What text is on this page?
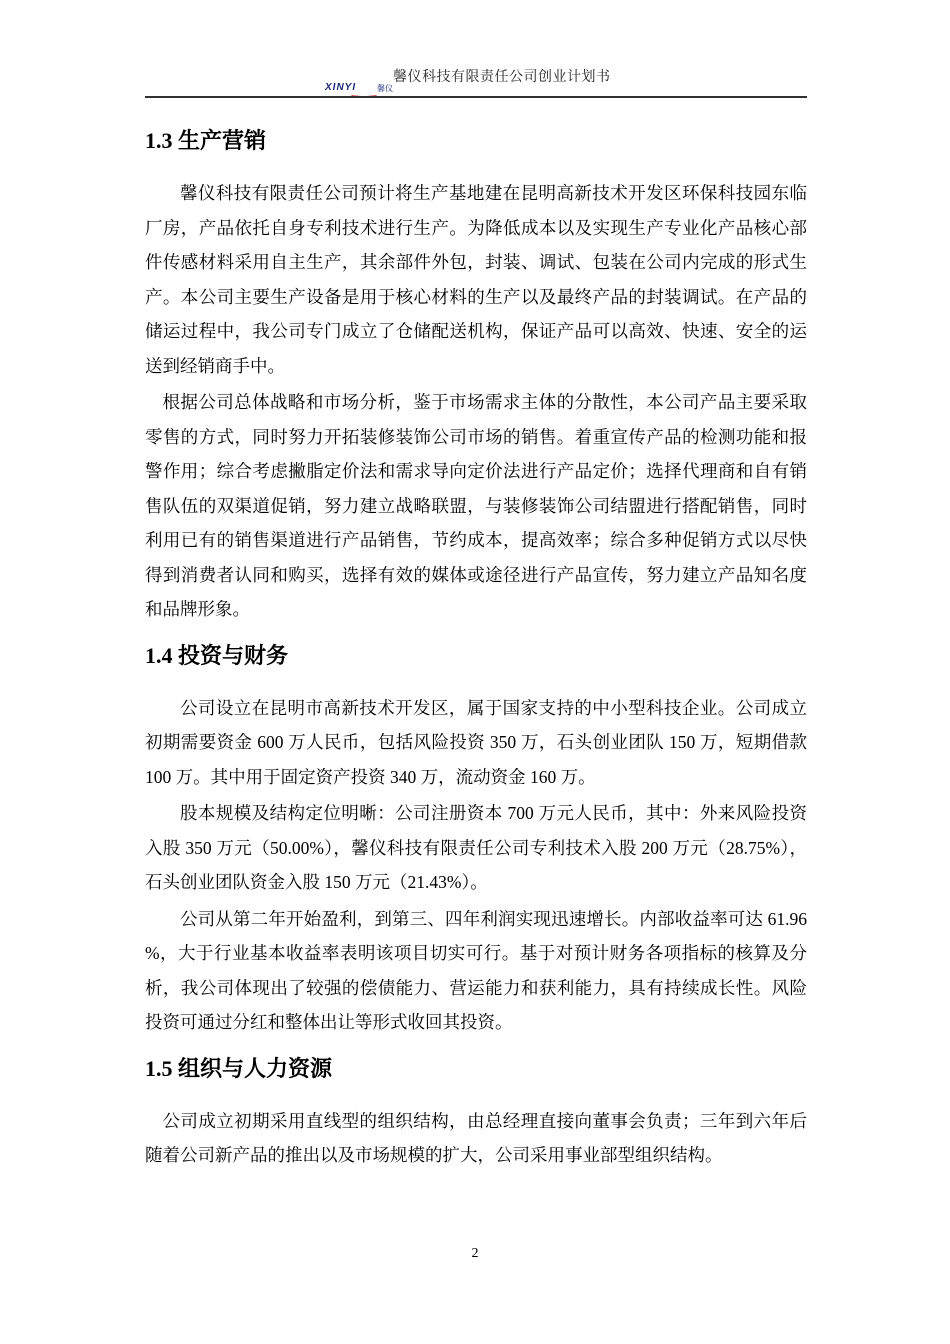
XINYI	馨仪
馨仪科技有限责任公司创业计划书
1.3 生产营销

馨仪科技有限责任公司预计将生产基地建在昆明高新技术开发区环保科技园东临厂房，产品依托自身专利技术进行生产。为降低成本以及实现生产专业化产品核心部件传感材料采用自主生产，其余部件外包，封装、调试、包装在公司内完成的形式生产。本公司主要生产设备是用于核心材料的生产以及最终产品的封装调试。在产品的储运过程中，我公司专门成立了仓储配送机构，保证产品可以高效、快速、安全的运送到经销商手中。

根据公司总体战略和市场分析，鉴于市场需求主体的分散性，本公司产品主要采取零售的方式，同时努力开拓装修装饰公司市场的销售。着重宣传产品的检测功能和报警作用；综合考虑撇脂定价法和需求导向定价法进行产品定价；选择代理商和自有销售队伍的双渠道促销，努力建立战略联盟，与装修装饰公司结盟进行搭配销售，同时利用已有的销售渠道进行产品销售，节约成本，提高效率；综合多种促销方式以尽快得到消费者认同和购买，选择有效的媒体或途径进行产品宣传，努力建立产品知名度和品牌形象。

1.4 投资与财务

公司设立在昆明市高新技术开发区，属于国家支持的中小型科技企业。公司成立初期需要资金 600 万人民币，包括风险投资 350 万，石头创业团队 150 万，短期借款 100 万。其中用于固定资产投资 340 万，流动资金 160 万。

股本规模及结构定位明晰：公司注册资本 700 万元人民币，其中：外来风险投资入股 350 万元（50.00%），馨仪科技有限责任公司专利技术入股 200 万元（28.75%），石头创业团队资金入股 150 万元（21.43%）。

公司从第二年开始盈利，到第三、四年利润实现迅速增长。内部收益率可达 61.96 %，大于行业基本收益率表明该项目切实可行。基于对预计财务各项指标的核算及分析，我公司体现出了较强的偿债能力、营运能力和获利能力，具有持续成长性。风险投资可通过分红和整体出让等形式收回其投资。

1.5 组织与人力资源

公司成立初期采用直线型的组织结构，由总经理直接向董事会负责；三年到六年后随着公司新产品的推出以及市场规模的扩大，公司采用事业部型组织结构。

2
